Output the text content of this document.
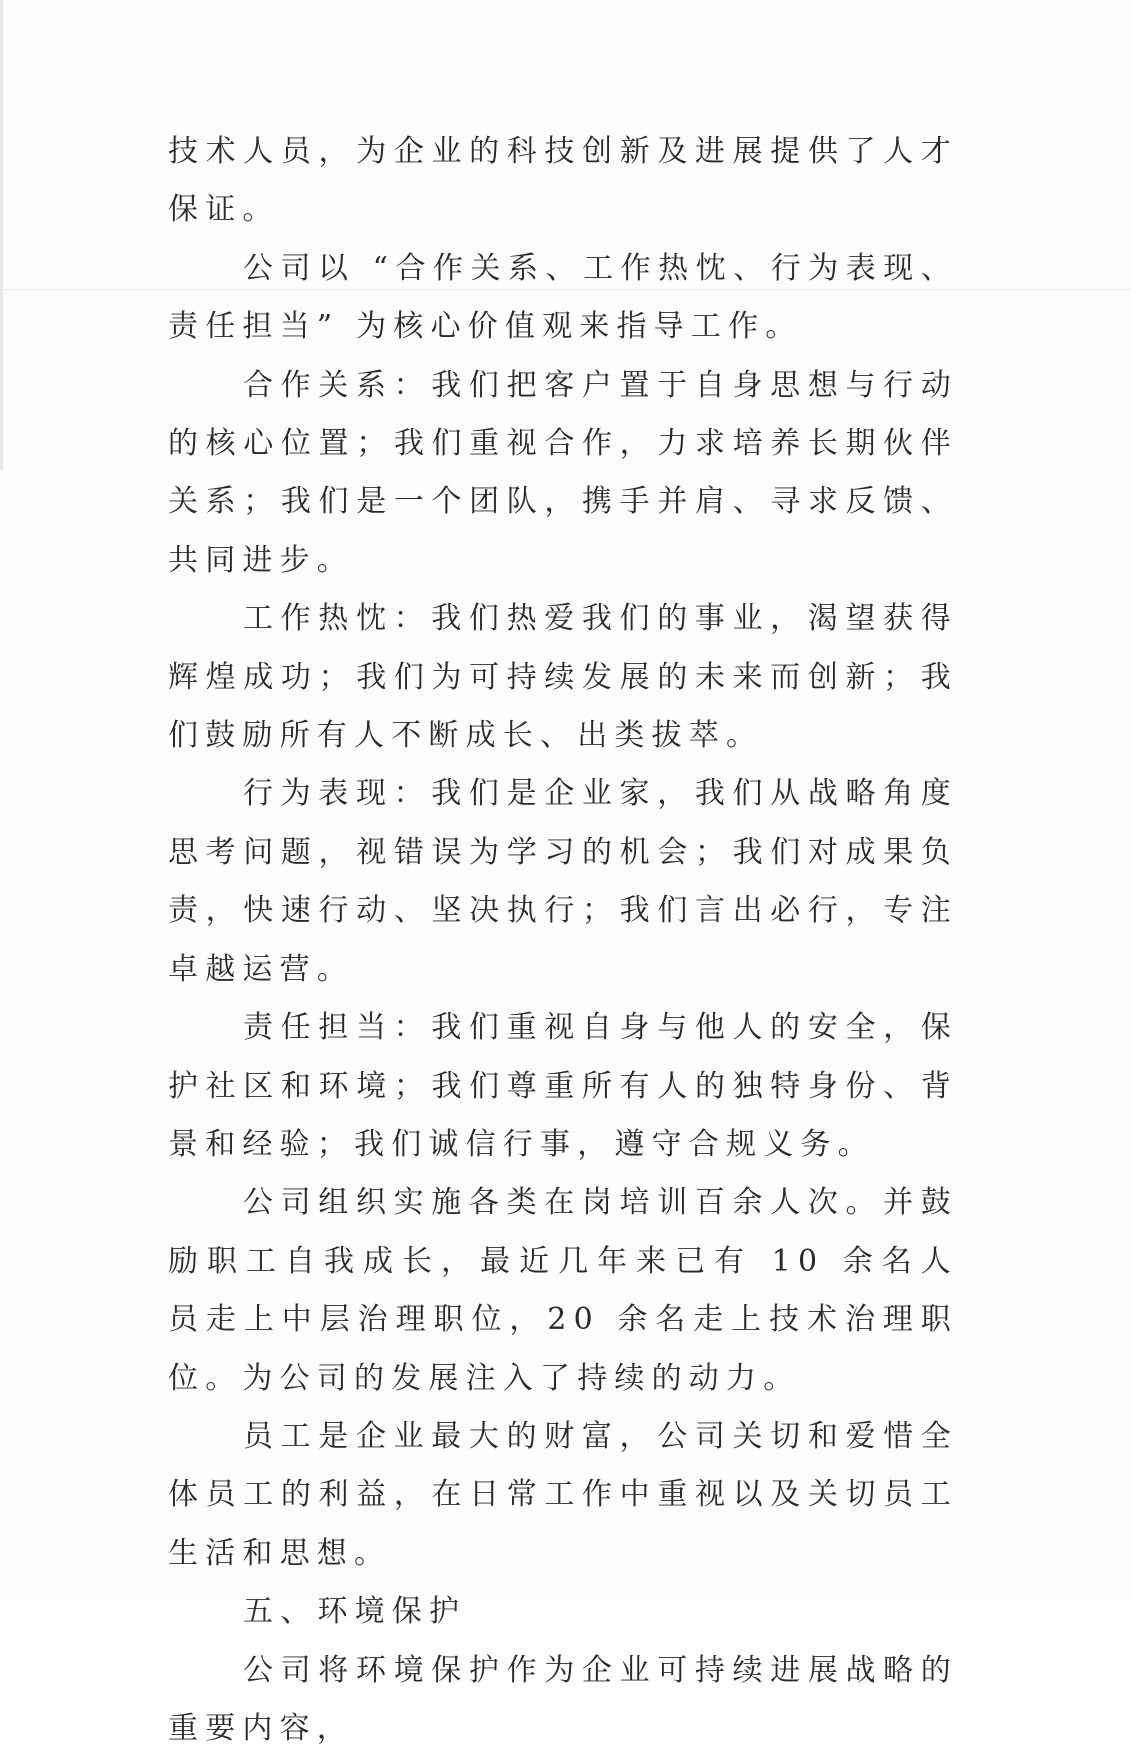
技术人员，为企业的科技创新及进展提供了人才保证。

公司以 “合作关系、工作热忱、行为表现、责任担当” 为核心价值观来指导工作。

合作关系：我们把客户置于自身思想与行动的核心位置；我们重视合作，力求培养长期伙伴关系；我们是一个团队，携手并肩、寻求反馈、共同进步。

工作热忱：我们热爱我们的事业，渴望获得辉煌成功；我们为可持续发展的未来而创新；我们鼓励所有人不断成长、出类拔萃。

行为表现：我们是企业家，我们从战略角度思考问题，视错误为学习的机会；我们对成果负责，快速行动、坚决执行；我们言出必行，专注卓越运营。

责任担当：我们重视自身与他人的安全，保护社区和环境；我们尊重所有人的独特身份、背景和经验；我们诚信行事，遵守合规义务。

公司组织实施各类在岗培训百余人次。并鼓励职工自我成长，最近几年来已有 10 余名人员走上中层治理职位，20 余名走上技术治理职位。为公司的发展注入了持续的动力。

员工是企业最大的财富，公司关切和爱惜全体员工的利益，在日常工作中重视以及关切员工生活和思想。

五、环境保护

公司将环境保护作为企业可持续进展战略的重要内容，
